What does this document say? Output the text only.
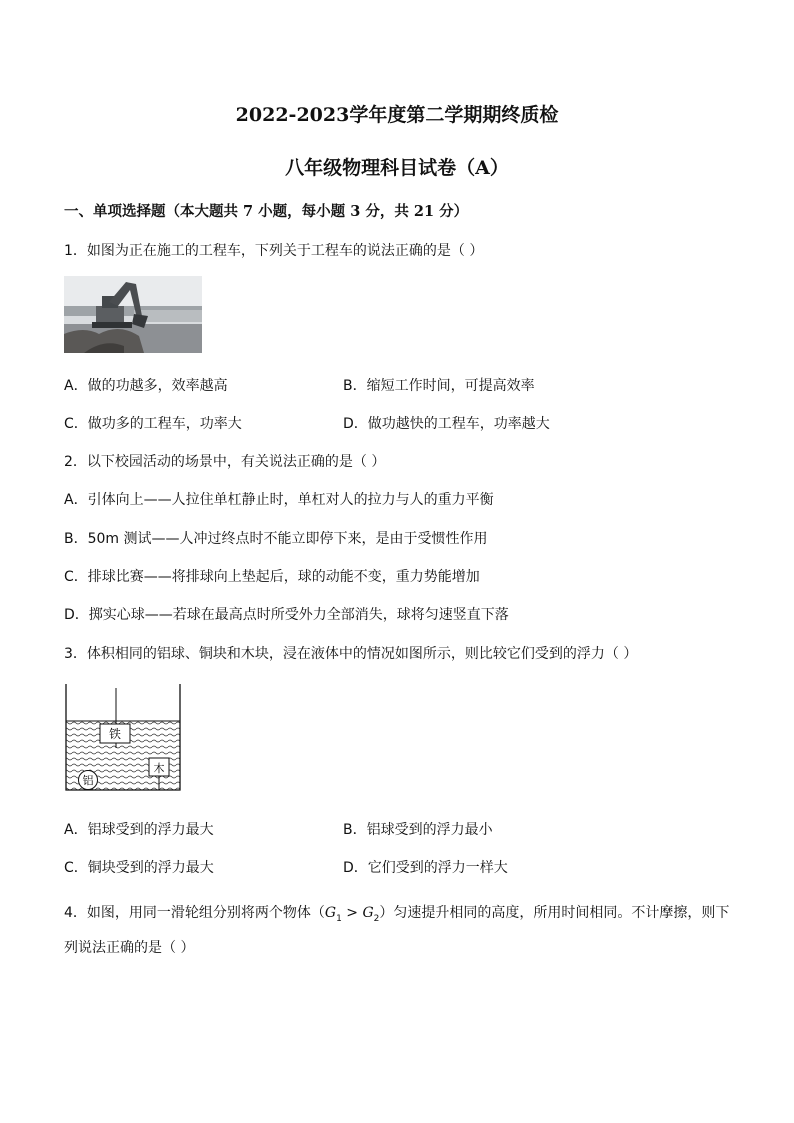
2022-2023学年度第二学期期终质检
八年级物理科目试卷（A）
一、单项选择题（本大题共 7 小题，每小题 3 分，共 21 分）
1．如图为正在施工的工程车，下列关于工程车的说法正确的是（ ）
A．做的功越多，效率越高	B．缩短工作时间，可提高效率
C．做功多的工程车，功率大	D．做功越快的工程车，功率越大
2．以下校园活动的场景中，有关说法正确的是（ ）
A．引体向上——人拉住单杠静止时，单杠对人的拉力与人的重力平衡
B．50m 测试——人冲过终点时不能立即停下来，是由于受惯性作用
C．排球比赛——将排球向上垫起后，球的动能不变，重力势能增加
D．掷实心球——若球在最高点时所受外力全部消失，球将匀速竖直下落
3．体积相同的铝球、铜块和木块，浸在液体中的情况如图所示，则比较它们受到的浮力（ ）
铁
铝
木
A．铝球受到的浮力最大	B．铝球受到的浮力最小
C．铜块受到的浮力最大	D．它们受到的浮力一样大
4．如图，用同一滑轮组分别将两个物体$(G_1 > G_2)$匀速提升相同的高度，所用时间相同。不计摩擦，则下
列说法正确的是（ ）
